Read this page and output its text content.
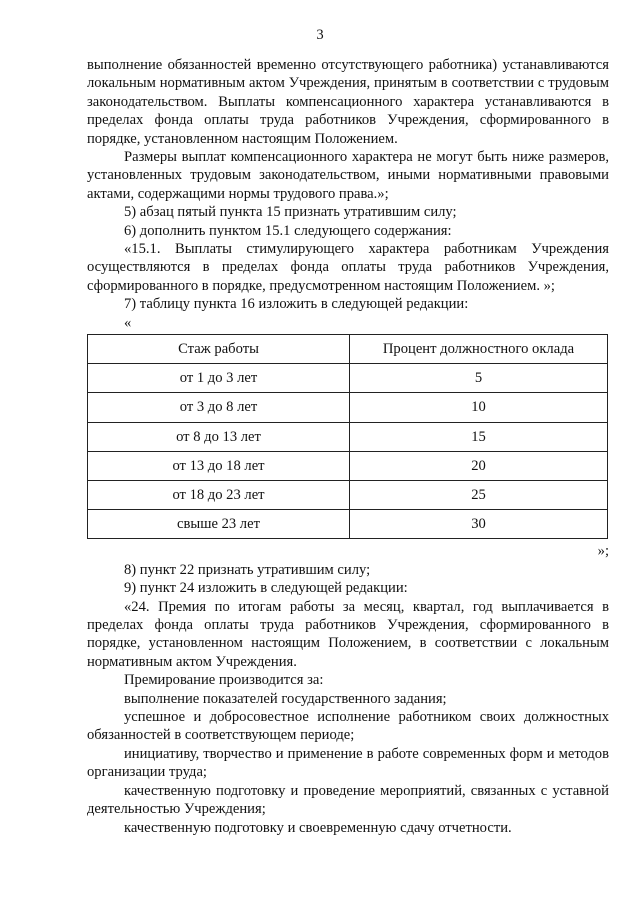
3

выполнение обязанностей временно отсутствующего работника) устанавливаются локальным нормативным актом Учреждения, принятым в соответствии с трудовым законодательством. Выплаты компенсационного характера устанавливаются в пределах фонда оплаты труда работников Учреждения, сформированного в порядке, установленном настоящим Положением.

Размеры выплат компенсационного характера не могут быть ниже размеров, установленных трудовым законодательством, иными нормативными правовыми актами, содержащими нормы трудового права.»;

5) абзац пятый пункта 15 признать утратившим силу;

6) дополнить пунктом 15.1 следующего содержания:

«15.1. Выплаты стимулирующего характера работникам Учреждения осуществляются в пределах фонда оплаты труда работников Учреждения, сформированного в порядке, предусмотренном настоящим Положением. »;

7) таблицу пункта 16 изложить в следующей редакции:

«

Стаж работы	Процент должностного оклада
от 1 до 3 лет	5
от 3 до 8 лет	10
от 8 до 13 лет	15
от 13 до 18 лет	20
от 18 до 23 лет	25
свыше 23 лет	30

»;

8) пункт 22 признать утратившим силу;

9) пункт 24 изложить в следующей редакции:

«24. Премия по итогам работы за месяц, квартал, год выплачивается в пределах фонда оплаты труда работников Учреждения, сформированного в порядке, установленном настоящим Положением, в соответствии с локальным нормативным актом Учреждения.

Премирование производится за:

выполнение показателей государственного задания;

успешное и добросовестное исполнение работником своих должностных обязанностей в соответствующем периоде;

инициативу, творчество и применение в работе современных форм и методов организации труда;

качественную подготовку и проведение мероприятий, связанных с уставной деятельностью Учреждения;

качественную подготовку и своевременную сдачу отчетности.
